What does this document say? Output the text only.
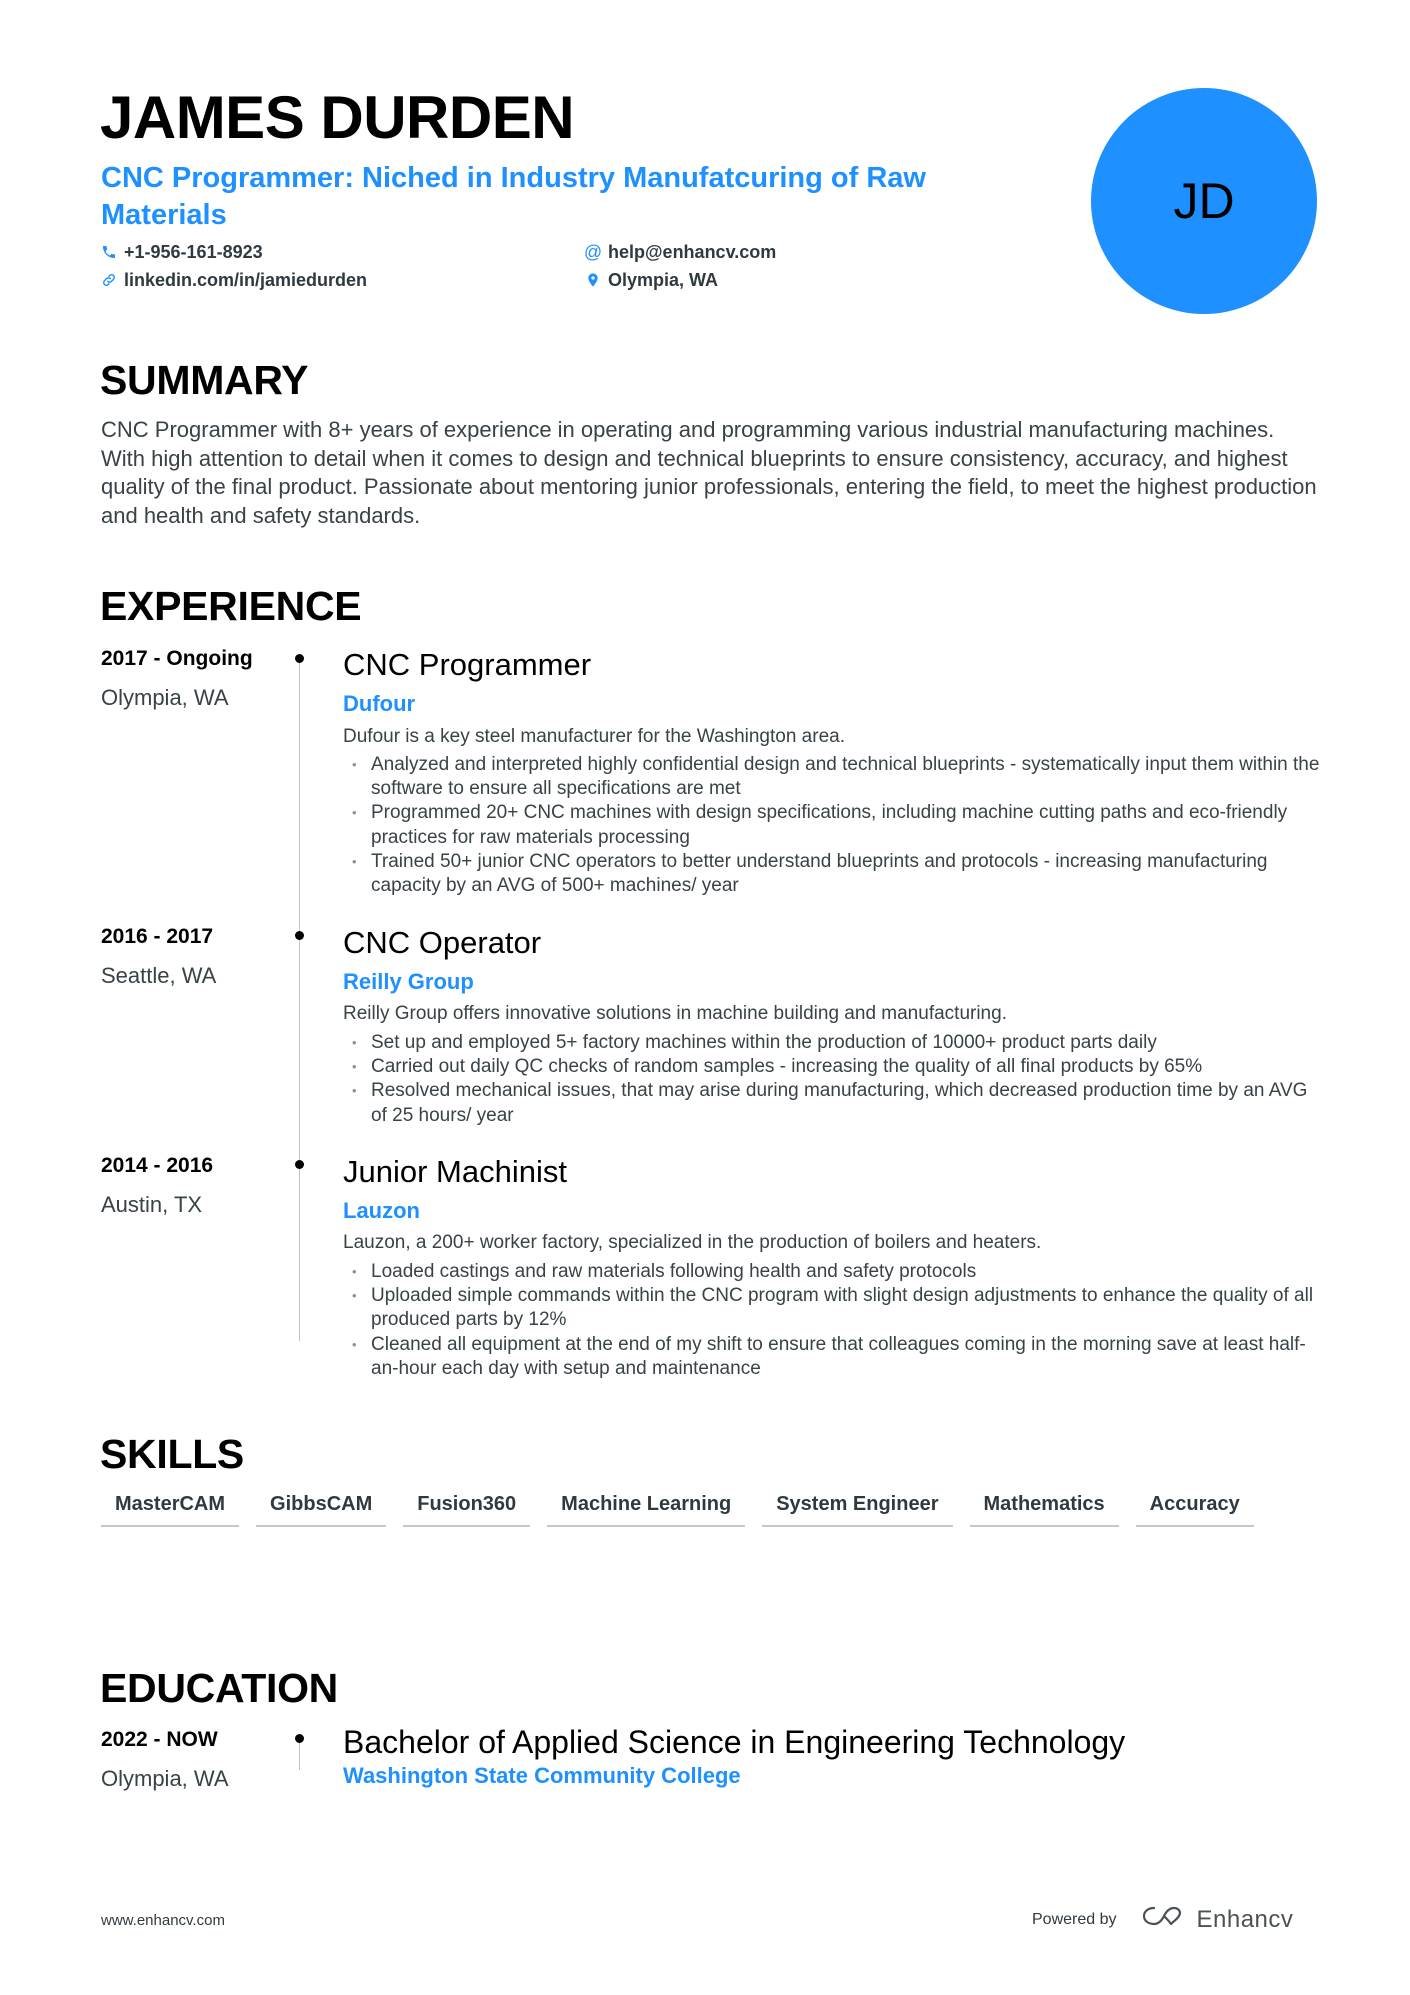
JAMES DURDEN
CNC Programmer: Niched in Industry Manufatcuring of Raw Materials
+1-956-161-8923	@ help@enhancv.com
linkedin.com/in/jamiedurden	Olympia, WA
JD
SUMMARY
CNC Programmer with 8+ years of experience in operating and programming various industrial manufacturing machines. With high attention to detail when it comes to design and technical blueprints to ensure consistency, accuracy, and highest quality of the final product. Passionate about mentoring junior professionals, entering the field, to meet the highest production and health and safety standards.
EXPERIENCE
2017 - Ongoing
Olympia, WA
CNC Programmer
Dufour
Dufour is a key steel manufacturer for the Washington area.
• Analyzed and interpreted highly confidential design and technical blueprints - systematically input them within the software to ensure all specifications are met
• Programmed 20+ CNC machines with design specifications, including machine cutting paths and eco-friendly practices for raw materials processing
• Trained 50+ junior CNC operators to better understand blueprints and protocols - increasing manufacturing capacity by an AVG of 500+ machines/ year
2016 - 2017
Seattle, WA
CNC Operator
Reilly Group
Reilly Group offers innovative solutions in machine building and manufacturing.
• Set up and employed 5+ factory machines within the production of 10000+ product parts daily
• Carried out daily QC checks of random samples - increasing the quality of all final products by 65%
• Resolved mechanical issues, that may arise during manufacturing, which decreased production time by an AVG of 25 hours/ year
2014 - 2016
Austin, TX
Junior Machinist
Lauzon
Lauzon, a 200+ worker factory, specialized in the production of boilers and heaters.
• Loaded castings and raw materials following health and safety protocols
• Uploaded simple commands within the CNC program with slight design adjustments to enhance the quality of all produced parts by 12%
• Cleaned all equipment at the end of my shift to ensure that colleagues coming in the morning save at least half-an-hour each day with setup and maintenance
SKILLS
MasterCAM	GibbsCAM	Fusion360	Machine Learning	System Engineer	Mathematics	Accuracy
EDUCATION
2022 - NOW
Olympia, WA
Bachelor of Applied Science in Engineering Technology
Washington State Community College
www.enhancv.com	Powered by	Enhancv
